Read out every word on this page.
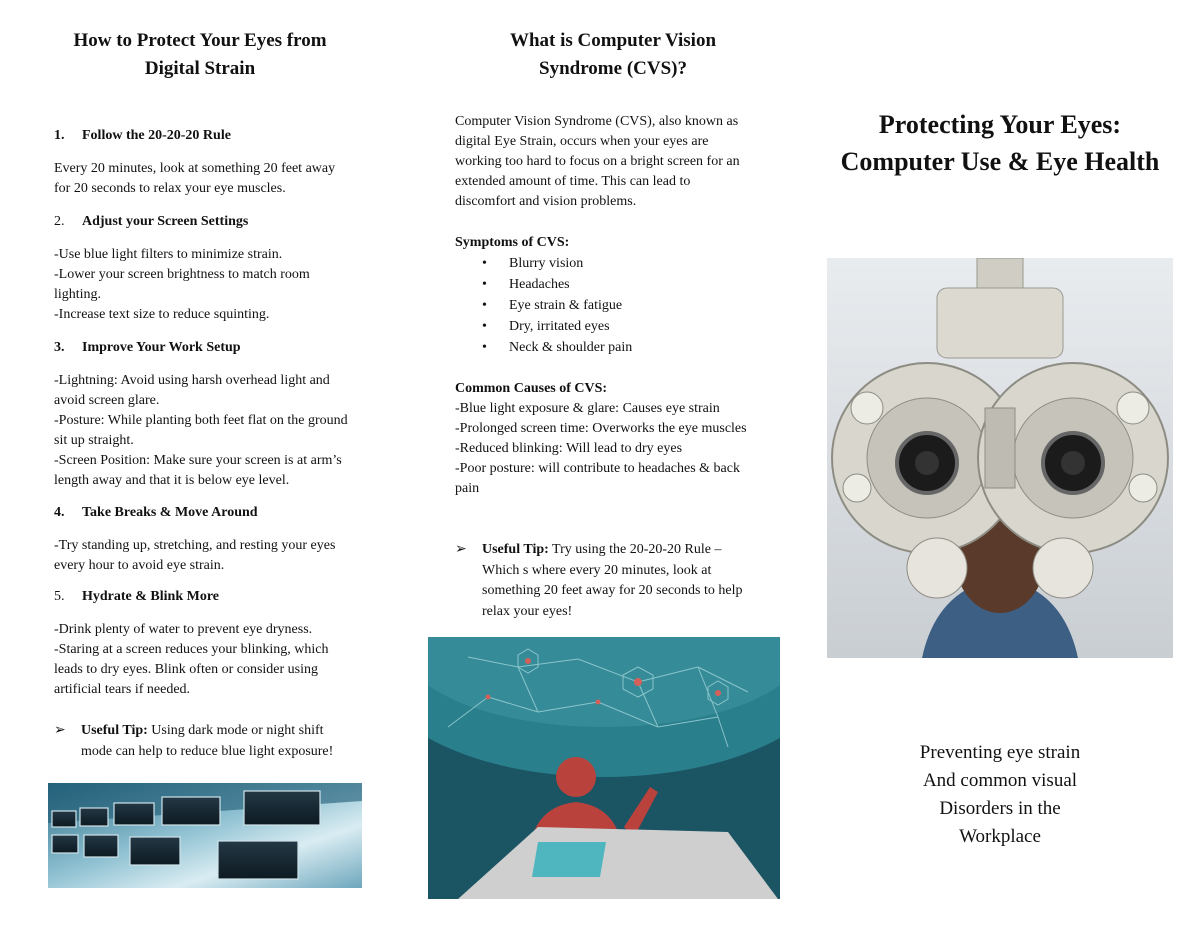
How to Protect Your Eyes from
Digital Strain

1. Follow the 20-20-20 Rule

Every 20 minutes, look at something 20 feet away

for 20 seconds to relax your eye muscles.

2. Adjust your Screen Settings

-Use blue light filters to minimize strain.

-Lower your screen brightness to match room

lighting.

-Increase text size to reduce squinting.

3. Improve Your Work Setup

-Lightning: Avoid using harsh overhead light and

avoid screen glare.

-Posture: While planting both feet flat on the ground

sit up straight.

-Screen Position: Make sure your screen is at arm’s

length away and that it is below eye level.

4. Take Breaks & Move Around

-Try standing up, stretching, and resting your eyes

every hour to avoid eye strain.

5. Hydrate & Blink More

-Drink plenty of water to prevent eye dryness.

-Staring at a screen reduces your blinking, which

leads to dry eyes. Blink often or consider using

artificial tears if needed.

➢ Useful Tip: Using dark mode or night shift
mode can help to reduce blue light exposure!
What is Computer Vision
Syndrome (CVS)?

Computer Vision Syndrome (CVS), also known as

digital Eye Strain, occurs when your eyes are

working too hard to focus on a bright screen for an

extended amount of time. This can lead to

discomfort and vision problems.

Symptoms of CVS:

• Blurry vision
• Headaches
• Eye strain & fatigue
• Dry, irritated eyes
• Neck & shoulder pain

Common Causes of CVS:

-Blue light exposure & glare: Causes eye strain

-Prolonged screen time: Overworks the eye muscles

-Reduced blinking: Will lead to dry eyes

-Poor posture: will contribute to headaches & back

pain

➢ Useful Tip: Try using the 20-20-20 Rule –
Which s where every 20 minutes, look at
something 20 feet away for 20 seconds to help
relax your eyes!
Protecting Your Eyes:
Computer Use & Eye Health
Preventing eye strain
And common visual
Disorders in the
Workplace
